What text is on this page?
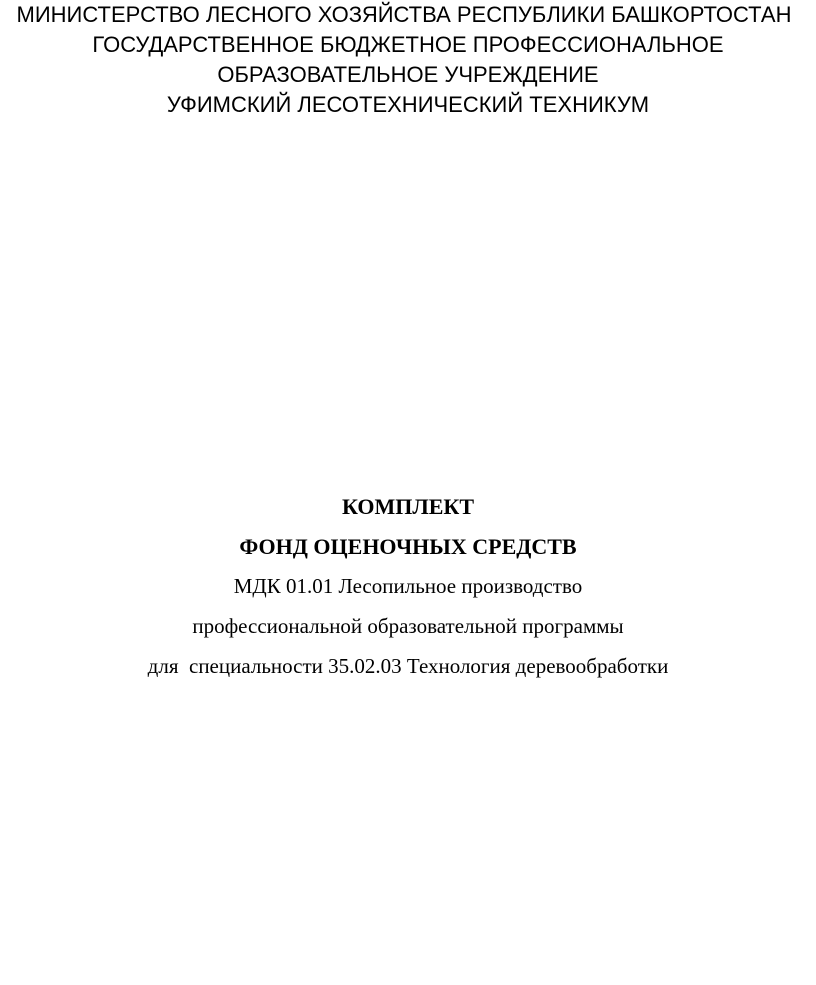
МИНИСТЕРСТВО ЛЕСНОГО ХОЗЯЙСТВА РЕСПУБЛИКИ БАШКОРТОСТАН
ГОСУДАРСТВЕННОЕ БЮДЖЕТНОЕ ПРОФЕССИОНАЛЬНОЕ
ОБРАЗОВАТЕЛЬНОЕ УЧРЕЖДЕНИЕ
УФИМСКИЙ ЛЕСОТЕХНИЧЕСКИЙ ТЕХНИКУМ
КОМПЛЕКТ
ФОНД ОЦЕНОЧНЫХ СРЕДСТВ
МДК 01.01 Лесопильное производство
профессиональной образовательной программы
для  специальности 35.02.03 Технология деревообработки
